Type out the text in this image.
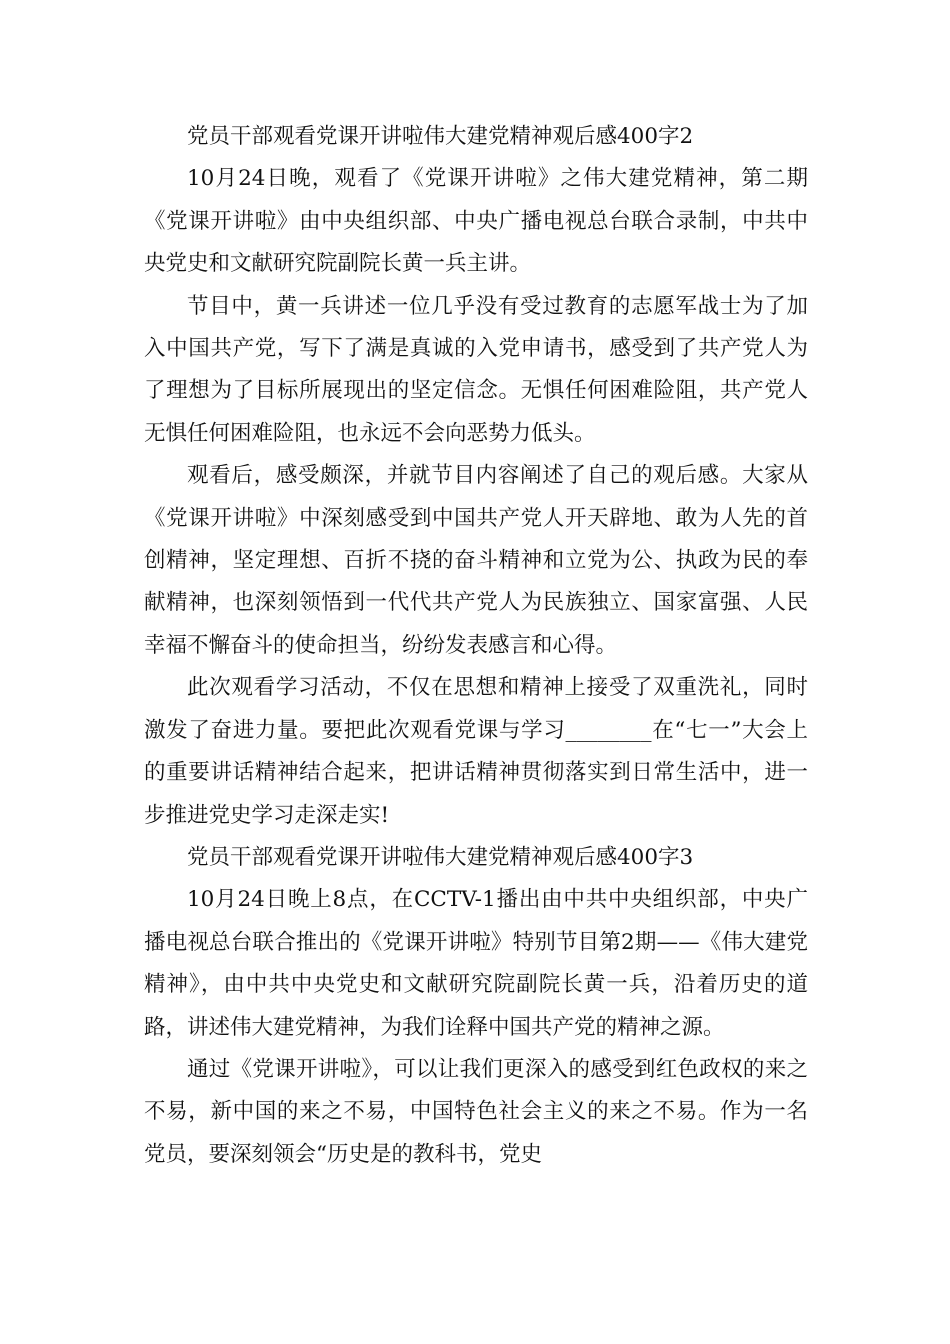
党员干部观看党课开讲啦伟大建党精神观后感400字2

10月24日晚，观看了《党课开讲啦》之伟大建党精神，第二期《党课开讲啦》由中央组织部、中央广播电视总台联合录制，中共中央党史和文献研究院副院长黄一兵主讲。

节目中，黄一兵讲述一位几乎没有受过教育的志愿军战士为了加入中国共产党，写下了满是真诚的入党申请书，感受到了共产党人为了理想为了目标所展现出的坚定信念。无惧任何困难险阻，共产党人无惧任何困难险阻，也永远不会向恶势力低头。

观看后，感受颇深，并就节目内容阐述了自己的观后感。大家从《党课开讲啦》中深刻感受到中国共产党人开天辟地、敢为人先的首创精神，坚定理想、百折不挠的奋斗精神和立党为公、执政为民的奉献精神，也深刻领悟到一代代共产党人为民族独立、国家富强、人民幸福不懈奋斗的使命担当，纷纷发表感言和心得。

此次观看学习活动，不仅在思想和精神上接受了双重洗礼，同时激发了奋进力量。要把此次观看党课与学习________在“七一”大会上的重要讲话精神结合起来，把讲话精神贯彻落实到日常生活中，进一步推进党史学习走深走实!

党员干部观看党课开讲啦伟大建党精神观后感400字3

10月24日晚上8点，在CCTV-1播出由中共中央组织部，中央广播电视总台联合推出的《党课开讲啦》特别节目第2期——《伟大建党精神》，由中共中央党史和文献研究院副院长黄一兵，沿着历史的道路，讲述伟大建党精神，为我们诠释中国共产党的精神之源。

通过《党课开讲啦》，可以让我们更深入的感受到红色政权的来之不易，新中国的来之不易，中国特色社会主义的来之不易。作为一名党员，要深刻领会“历史是的教科书，党史
